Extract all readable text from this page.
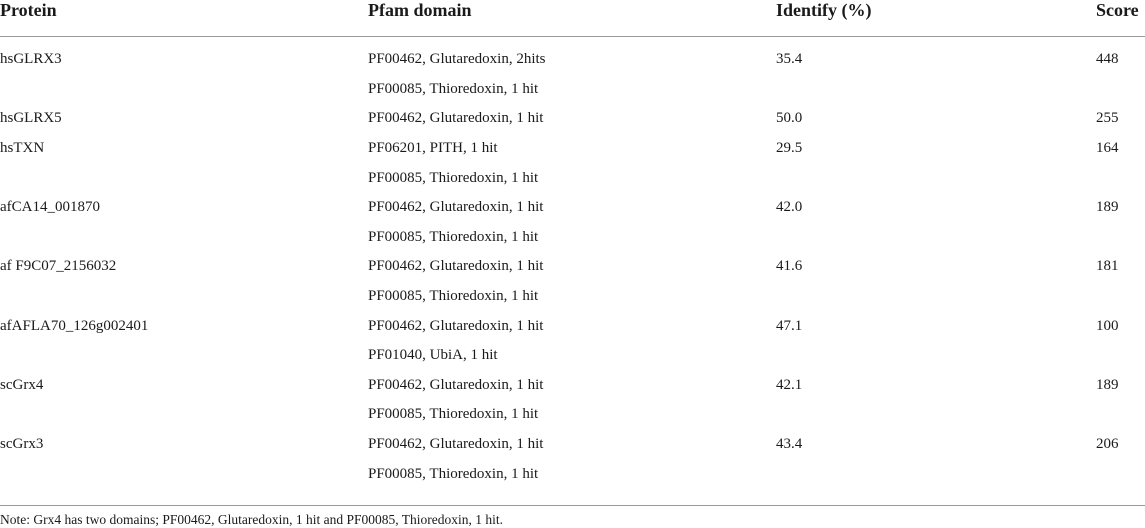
Protein	Pfam domain	Identify (%)	Score
hsGLRX3	PF00462, Glutaredoxin, 2hits	35.4	448
	PF00085, Thioredoxin, 1 hit		
hsGLRX5	PF00462, Glutaredoxin, 1 hit	50.0	255
hsTXN	PF06201, PITH, 1 hit	29.5	164
	PF00085, Thioredoxin, 1 hit		
afCA14_001870	PF00462, Glutaredoxin, 1 hit	42.0	189
	PF00085, Thioredoxin, 1 hit		
af F9C07_2156032	PF00462, Glutaredoxin, 1 hit	41.6	181
	PF00085, Thioredoxin, 1 hit		
afAFLA70_126g002401	PF00462, Glutaredoxin, 1 hit	47.1	100
	PF01040, UbiA, 1 hit		
scGrx4	PF00462, Glutaredoxin, 1 hit	42.1	189
	PF00085, Thioredoxin, 1 hit		
scGrx3	PF00462, Glutaredoxin, 1 hit	43.4	206
	PF00085, Thioredoxin, 1 hit		
Note: Grx4 has two domains; PF00462, Glutaredoxin, 1 hit and PF00085, Thioredoxin, 1 hit.
